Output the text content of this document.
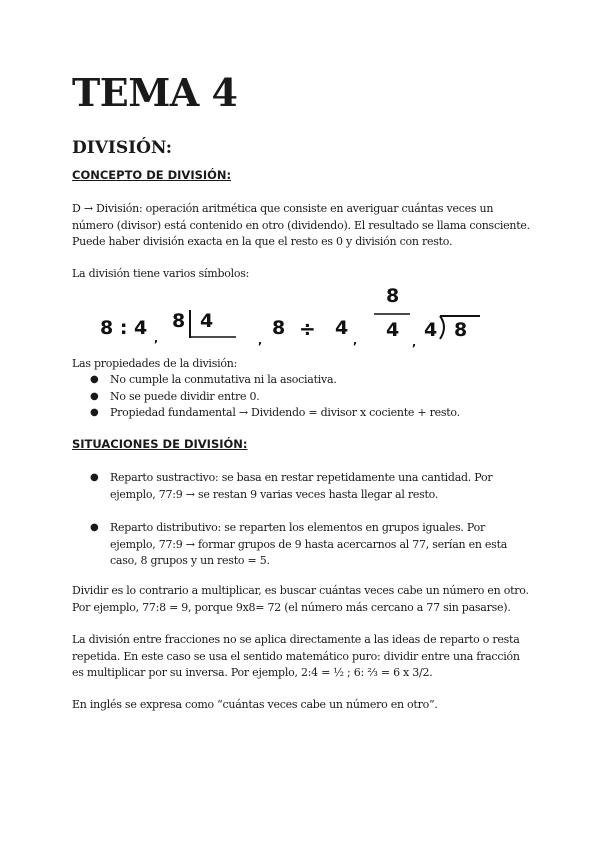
TEMA 4
DIVISIÓN:
CONCEPTO DE DIVISIÓN:

D → División: operación aritmética que consiste en averiguar cuántas veces un número (divisor) está contenido en otro (dividendo). El resultado se llama consciente. Puede haber división exacta en la que el resto es 0 y división con resto.

La división tiene varios símbolos:

8 : 4 ,
8 4
,
8 ÷ 4
,
8
4
,
4 8

Las propiedades de la división:

● No cumple la conmutativa ni la asociativa.
● No se puede dividir entre 0.
● Propiedad fundamental → Dividendo = divisor x cociente + resto.
SITUACIONES DE DIVISIÓN:
● Reparto sustractivo: se basa en restar repetidamente una cantidad. Por ejemplo, 77:9 → se restan 9 varias veces hasta llegar al resto.
● Reparto distributivo: se reparten los elementos en grupos iguales. Por ejemplo, 77:9 → formar grupos de 9 hasta acercarnos al 77, serían en esta caso, 8 grupos y un resto = 5.

Dividir es lo contrario a multiplicar, es buscar cuántas veces cabe un número en otro. Por ejemplo, 77:8 = 9, porque 9x8= 72 (el número más cercano a 77 sin pasarse).

La división entre fracciones no se aplica directamente a las ideas de reparto o resta repetida. En este caso se usa el sentido matemático puro: dividir entre una fracción es multiplicar por su inversa. Por ejemplo, 2:4 = ½ ; 6: ⅔ = 6 x 3/2.

En inglés se expresa como “cuántas veces cabe un número en otro”.
